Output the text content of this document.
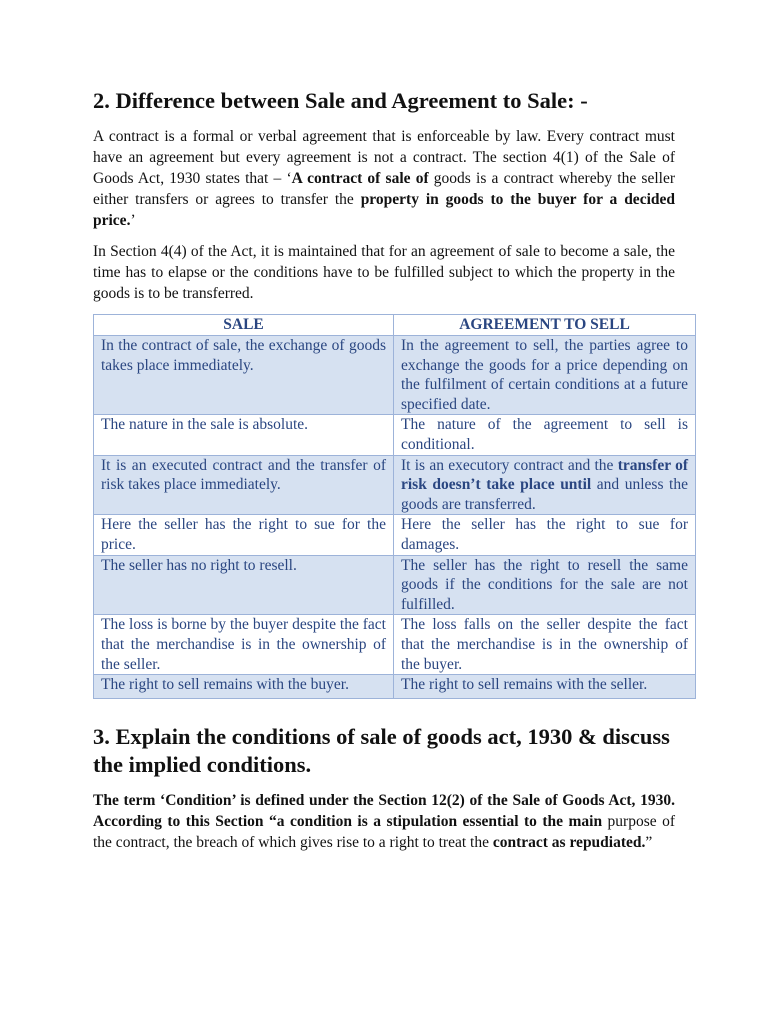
2. Difference between Sale and Agreement to Sale: -

A contract is a formal or verbal agreement that is enforceable by law. Every contract must have an agreement but every agreement is not a contract. The section 4(1) of the Sale of Goods Act, 1930 states that – ‘A contract of sale of goods is a contract whereby the seller either transfers or agrees to transfer the property in goods to the buyer for a decided price.’

In Section 4(4) of the Act, it is maintained that for an agreement of sale to become a sale, the time has to elapse or the conditions have to be fulfilled subject to which the property in the goods is to be transferred.

SALE	AGREEMENT TO SELL
In the contract of sale, the exchange of goods takes place immediately.	In the agreement to sell, the parties agree to exchange the goods for a price depending on the fulfilment of certain conditions at a future specified date.
The nature in the sale is absolute.	The nature of the agreement to sell is conditional.
It is an executed contract and the transfer of risk takes place immediately.	It is an executory contract and the transfer of risk doesn’t take place until and unless the goods are transferred.
Here the seller has the right to sue for the price.	Here the seller has the right to sue for damages.
The seller has no right to resell.	The seller has the right to resell the same goods if the conditions for the sale are not fulfilled.
The loss is borne by the buyer despite the fact that the merchandise is in the ownership of the seller.	The loss falls on the seller despite the fact that the merchandise is in the ownership of the buyer.
The right to sell remains with the buyer.	The right to sell remains with the seller.
3. Explain the conditions of sale of goods act, 1930 & discuss the implied conditions.

The term ‘Condition’ is defined under the Section 12(2) of the Sale of Goods Act, 1930. According to this Section “a condition is a stipulation essential to the main purpose of the contract, the breach of which gives rise to a right to treat the contract as repudiated.”
